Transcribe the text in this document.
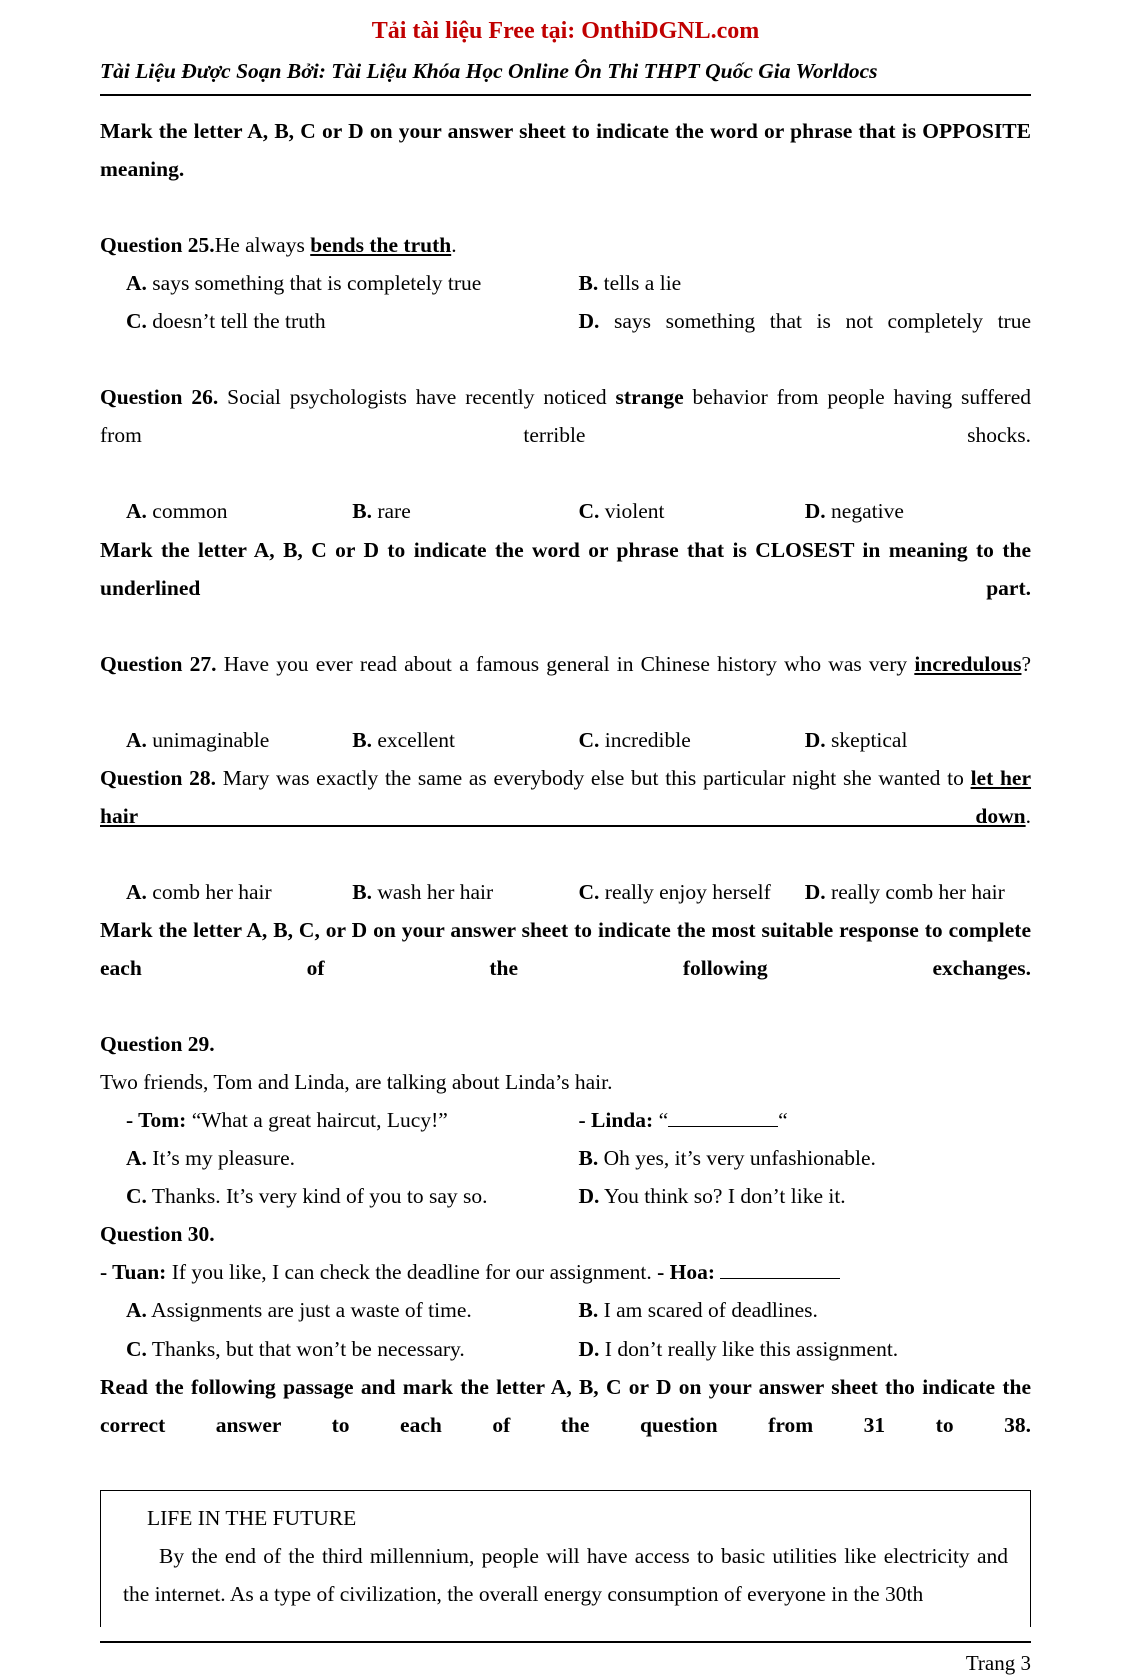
Tải tài liệu Free tại: OnthiDGNL.com
Tài Liệu Được Soạn Bởi: Tài Liệu Khóa Học Online Ôn Thi THPT Quốc Gia Worldocs
Mark the letter A, B, C or D on your answer sheet to indicate the word or phrase that is OPPOSITE meaning.
Question 25.He always bends the truth.
A. says something that is completely true	B. tells a lie
C. doesn’t tell the truth	D. says something that is not completely true
Question 26. Social psychologists have recently noticed strange behavior from people having suffered from terrible shocks.
A. common	B. rare	C. violent	D. negative
Mark the letter A, B, C or D to indicate the word or phrase that is CLOSEST in meaning to the underlined part.
Question 27. Have you ever read about a famous general in Chinese history who was very incredulous?
A. unimaginable	B. excellent	C. incredible	D. skeptical
Question 28. Mary was exactly the same as everybody else but this particular night she wanted to let her hair down.
A. comb her hair	B. wash her hair	C. really enjoy herself	D. really comb her hair
Mark the letter A, B, C, or D on your answer sheet to indicate the most suitable response to complete each of the following exchanges.
Question 29.
Two friends, Tom and Linda, are talking about Linda’s hair.
- Tom: “What a great haircut, Lucy!”	- Linda: “	“
A. It’s my pleasure.	B. Oh yes, it’s very unfashionable.
C. Thanks. It’s very kind of you to say so.	D. You think so? I don’t like it.
Question 30.
- Tuan: If you like, I can check the deadline for our assignment. - Hoa:
A. Assignments are just a waste of time.	B. I am scared of deadlines.
C. Thanks, but that won’t be necessary.	D. I don’t really like this assignment.
Read the following passage and mark the letter A, B, C or D on your answer sheet tho indicate the correct answer to each of the question from 31 to 38.
LIFE IN THE FUTURE
By the end of the third millennium, people will have access to basic utilities like electricity and the internet. As a type of civilization, the overall energy consumption of everyone in the 30th
Trang 3
